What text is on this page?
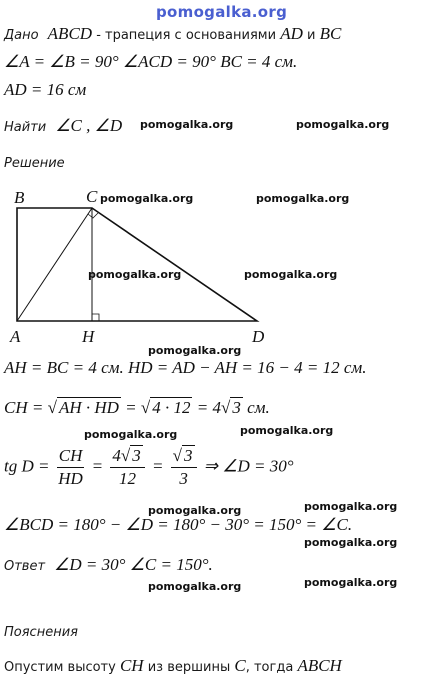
pomogalka.org
Дано ABCD - трапеция с основаниями AD и BC
∠A = ∠B = 90° ∠ACD = 90° BC = 4 см.
AD = 16 см
Найти ∠C , ∠D pomogalka.org	pomogalka.org
Решение
B	C
A	H	D
pomogalka.org	pomogalka.org
pomogalka.org	pomogalka.org
pomogalka.org
AH = BC = 4 см. HD = AD − AH = 16 − 4 = 12 см.
CH = √ AH · HD = √ 4 · 12 = 4√ 3 см.
pomogalka.org	pomogalka.org
tg $D = \frac{CH}{HD} = \frac{4√ 3}{12} = \frac{√ 3}{3}$ ⇒ ∠D = 30°
pomogalka.org	pomogalka.org
∠BCD = 180° − ∠D = 180° − 30° = 150° = ∠C.
pomogalka.org
Ответ ∠D = 30° ∠C = 150°.
pomogalka.org	pomogalka.org
Пояснения
Опустим высоту CH из вершины C, тогда ABCH
